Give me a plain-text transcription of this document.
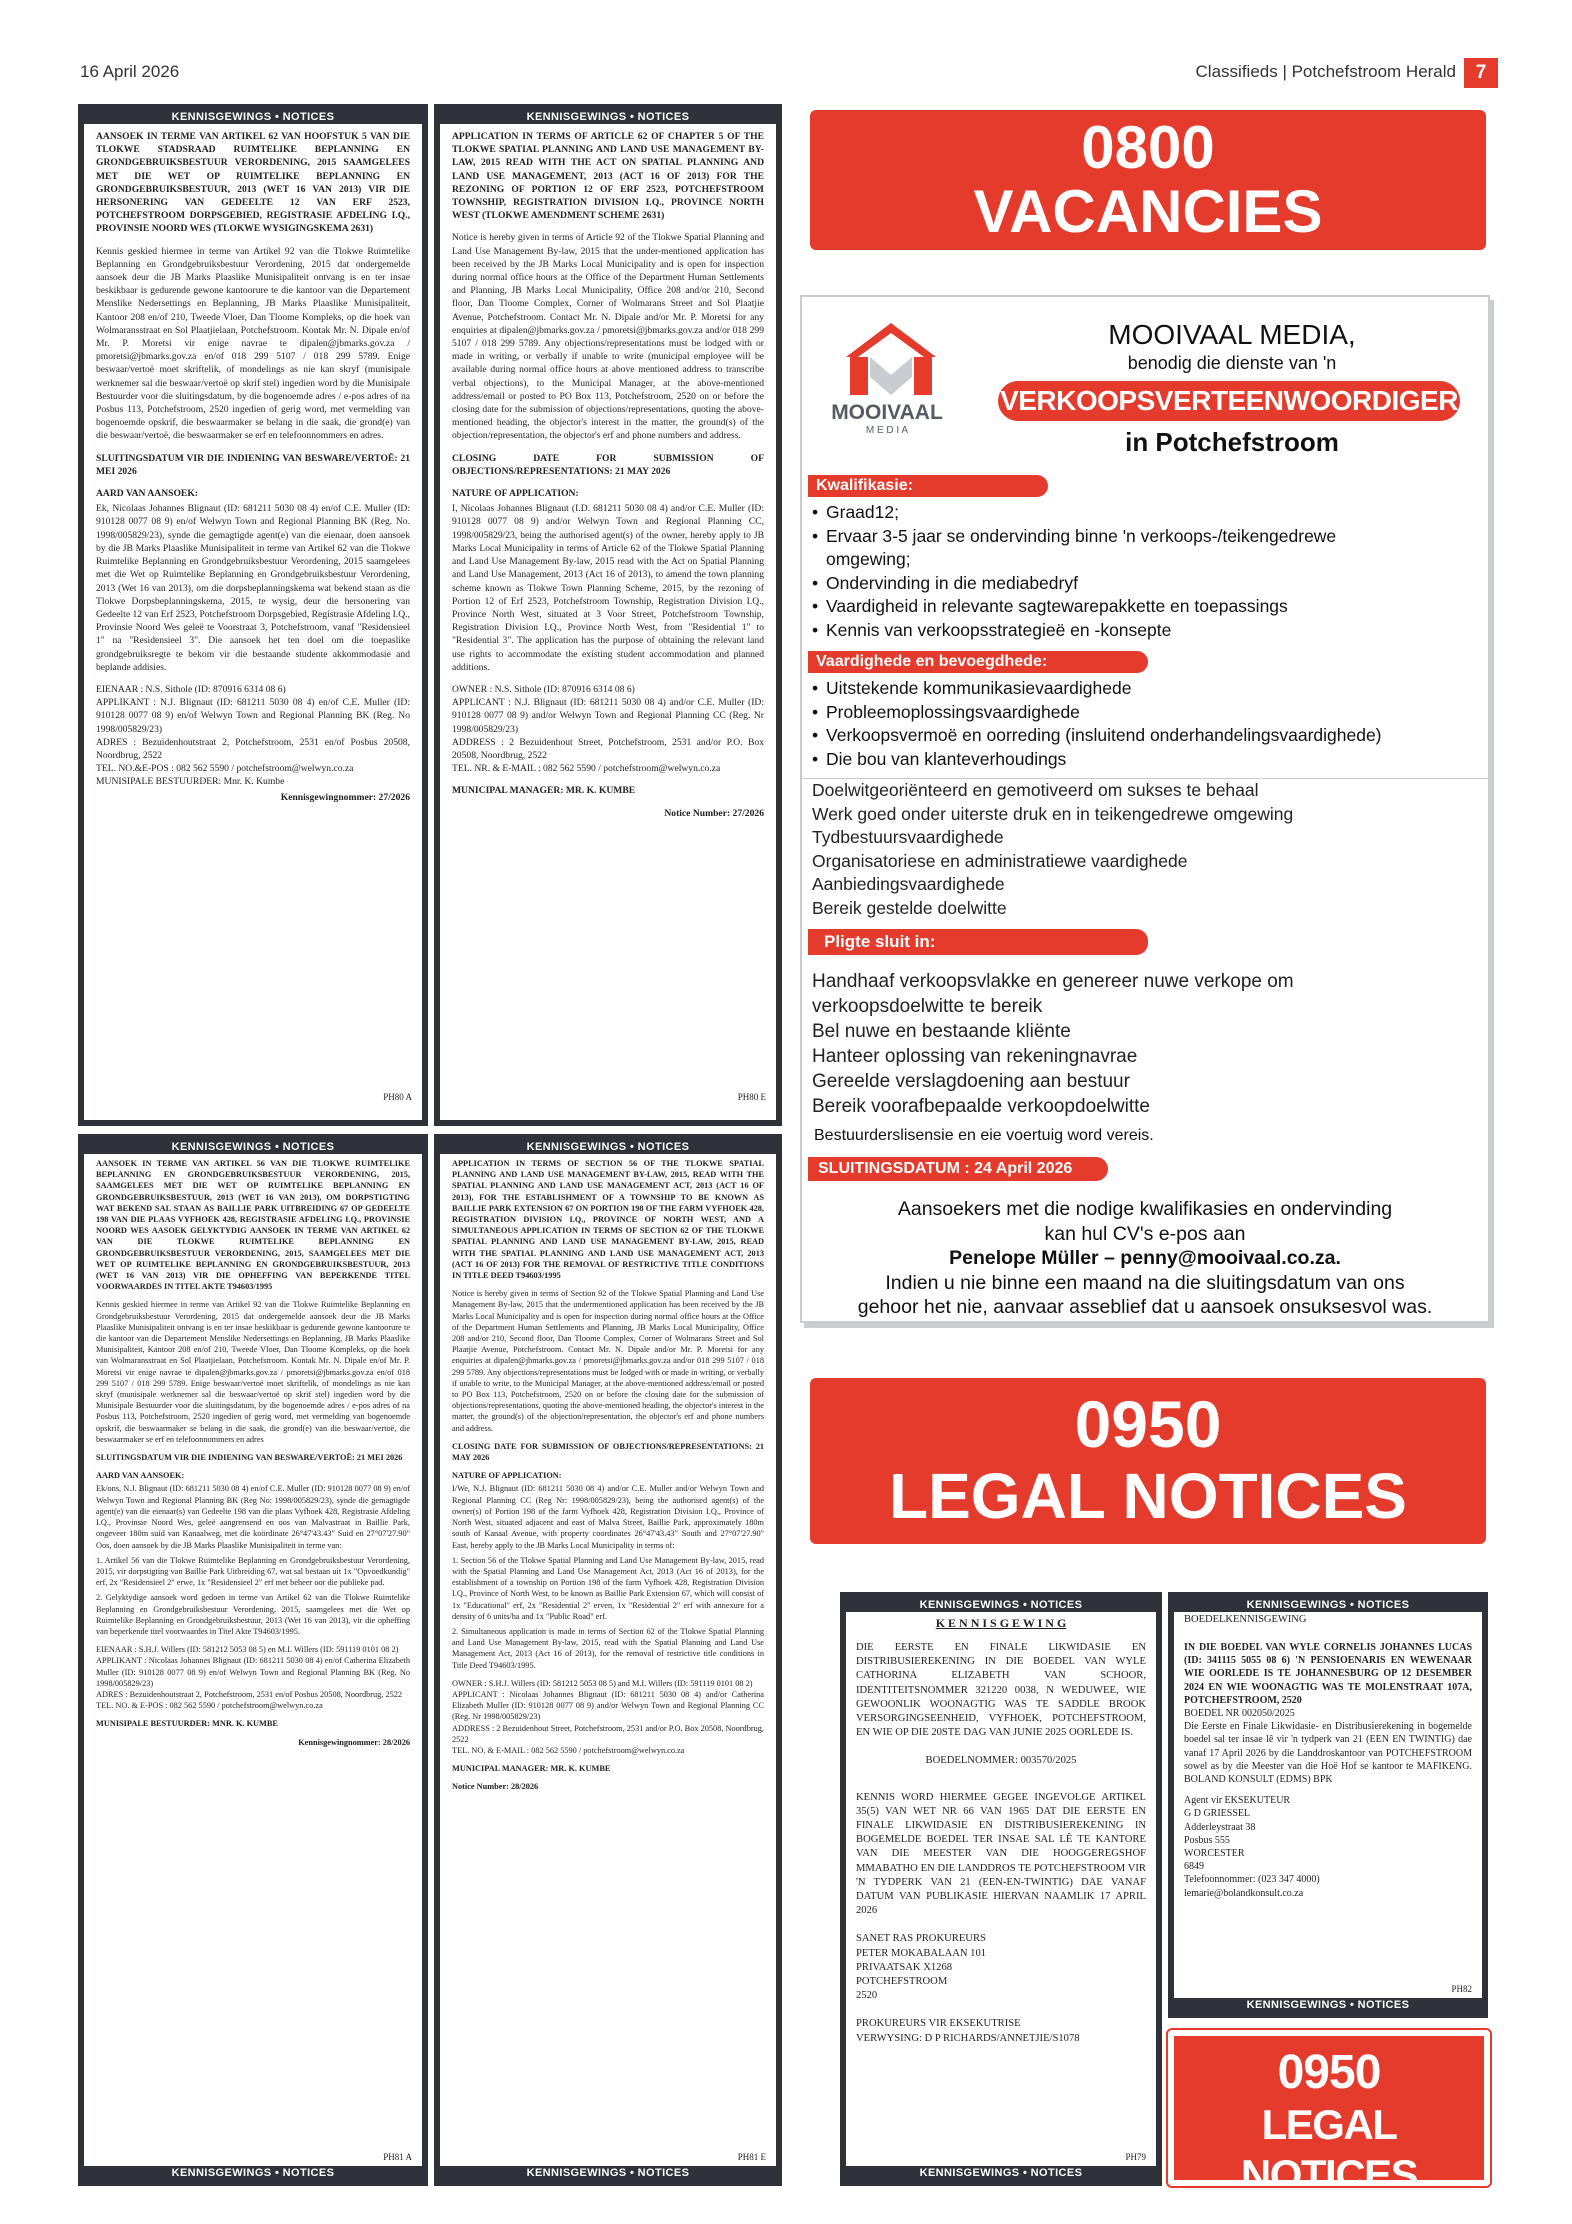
16 April 2026	Classifieds | Potchefstroom Herald	7
KENNISGEWINGS • NOTICES

AANSOEK IN TERME VAN ARTIKEL 62 VAN HOOFSTUK 5 VAN DIE TLOKWE STADSRAAD RUIMTELIKE BEPLANNING EN GRONDGEBRUIKSBESTUUR VERORDENING, 2015 SAAMGELEES MET DIE WET OP RUIMTELIKE BEPLANNING EN GRONDGEBRUIKSBESTUUR, 2013 (WET 16 VAN 2013) VIR DIE HERSONERING VAN GEDEELTE 12 VAN ERF 2523, POTCHEFSTROOM DORPSGEBIED, REGISTRASIE AFDELING I.Q., PROVINSIE NOORD WES (TLOKWE WYSIGINGSKEMA 2631)

Kennis geskied hiermee in terme van Artikel 92 van die Tlokwe Ruimtelike Beplanning en Grondgebruiksbestuur Verordening, 2015 dat ondergemelde aansoek deur die JB Marks Plaaslike Munisipaliteit ontvang is en ter insae beskikbaar is gedurende gewone kantoorure te die kantoor van die Departement Menslike Nedersettings en Beplanning, JB Marks Plaaslike Munisipaliteit, Kantoor 208 en/of 210, Tweede Vloer, Dan Tloome Kompleks, op die hoek van Wolmaransstraat en Sol Plaatjielaan, Potchefstroom. Kontak Mr. N. Dipale en/of Mr. P. Moretsi vir enige navrae te dipalen@jbmarks.gov.za / pmoretsi@jbmarks.gov.za en/of 018 299 5107 / 018 299 5789. Enige beswaar/vertoë moet skriftelik, of mondelings as nie kan skryf (munisipale werknemer sal die beswaar/vertoë op skrif stel) ingedien word by die Munisipale Bestuurder voor die sluitingsdatum, by die bogenoemde adres / e-pos adres of na Posbus 113, Potchefstroom, 2520 ingedien of gerig word, met vermelding van bogenoemde opskrif, die beswaarmaker se belang in die saak, die grond(e) van die beswaar/vertoë, die beswaarmaker se erf en telefoonnommers en adres.

SLUITINGSDATUM VIR DIE INDIENING VAN BESWARE/VERTOË: 21 MEI 2026

AARD VAN AANSOEK:

Ek, Nicolaas Johannes Blignaut (ID: 681211 5030 08 4) en/of C.E. Muller (ID: 910128 0077 08 9) en/of Welwyn Town and Regional Planning BK (Reg. No. 1998/005829/23), synde die gemagtigde agent(e) van die eienaar, doen aansoek by die JB Marks Plaaslike Munisipaliteit in terme van Artikel 62 van die Tlokwe Ruimtelike Beplanning en Grondgebruiksbestuur Verordening, 2015 saamgelees met die Wet op Ruimtelike Beplanning en Grondgebruiksbestuur Verordening, 2013 (Wet 16 van 2013), om die dorpsbeplanningskema wat bekend staan as die Tlokwe Dorpsbeplanningskema, 2015, te wysig, deur die hersonering van Gedeelte 12 van Erf 2523, Potchefstroom Dorpsgebied, Registrasie Afdeling I.Q., Provinsie Noord Wes geleë te Voorstraat 3, Potchefstroom, vanaf "Residensieel 1" na "Residensieel 3". Die aansoek het ten doel om die toepaslike grondgebruiksregte te bekom vir die bestaande studente akkommodasie and beplande addisies.

EIENAAR : N.S. Sithole (ID: 870916 6314 08 6)
APPLIKANT : N.J. Blignaut (ID: 681211 5030 08 4) en/of C.E. Muller (ID: 910128 0077 08 9) en/of Welwyn Town and Regional Planning BK (Reg. No 1998/005829/23)
ADRES : Bezuidenhoutstraat 2, Potchefstroom, 2531 en/of Posbus 20508, Noordbrug, 2522
TEL. NO.&E-POS : 082 562 5590 / potchefstroom@welwyn.co.za
MUNISIPALE BESTUURDER: Mnr. K. Kumbe

Kennisgewingnommer: 27/2026

PH80 A
KENNISGEWINGS • NOTICES

APPLICATION IN TERMS OF ARTICLE 62 OF CHAPTER 5 OF THE TLOKWE SPATIAL PLANNING AND LAND USE MANAGEMENT BY-LAW, 2015 READ WITH THE ACT ON SPATIAL PLANNING AND LAND USE MANAGEMENT, 2013 (ACT 16 OF 2013) FOR THE REZONING OF PORTION 12 OF ERF 2523, POTCHEFSTROOM TOWNSHIP, REGISTRATION DIVISION I.Q., PROVINCE NORTH WEST (TLOKWE AMENDMENT SCHEME 2631)

Notice is hereby given in terms of Article 92 of the Tlokwe Spatial Planning and Land Use Management By-law, 2015 that the under-mentioned application has been received by the JB Marks Local Municipality and is open for inspection during normal office hours at the Office of the Department Human Settlements and Planning, JB Marks Local Municipality, Office 208 and/or 210, Second floor, Dan Tloome Complex, Corner of Wolmarans Street and Sol Plaatjie Avenue, Potchefstroom. Contact Mr. N. Dipale and/or Mr. P. Moretsi for any enquiries at dipalen@jbmarks.gov.za / pmoretsi@jbmarks.gov.za and/or 018 299 5107 / 018 299 5789. Any objections/representations must be lodged with or made in writing, or verbally if unable to write (municipal employee will be available during normal office hours at above mentioned address to transcribe verbal objections), to the Municipal Manager, at the above-mentioned address/email or posted to PO Box 113, Potchefstroom, 2520 on or before the closing date for the submission of objections/representations, quoting the above-mentioned heading, the objector's interest in the matter, the ground(s) of the objection/representation, the objector's erf and phone numbers and address.

CLOSING DATE FOR SUBMISSION OF OBJECTIONS/REPRESENTATIONS: 21 MAY 2026

NATURE OF APPLICATION:

I, Nicolaas Johannes Blignaut (I.D. 681211 5030 08 4) and/or C.E. Muller (ID: 910128 0077 08 9) and/or Welwyn Town and Regional Planning CC, 1998/005829/23, being the authorised agent(s) of the owner, hereby apply to JB Marks Local Municipality in terms of Article 62 of the Tlokwe Spatial Planning and Land Use Management By-law, 2015 read with the Act on Spatial Planning and Land Use Management, 2013 (Act 16 of 2013), to amend the town planning scheme known as Tlokwe Town Planning Scheme, 2015, by the rezoning of Portion 12 of Erf 2523, Potchefstroom Township, Registration Division I.Q., Province North West, situated at 3 Voor Street, Potchefstroom Township, Registration Division I.Q., Province North West, from "Residential 1" to "Residential 3". The application has the purpose of obtaining the relevant land use rights to accommodate the existing student accommodation and planned additions.

OWNER : N.S. Sithole (ID: 870916 6314 08 6)
APPLICANT : N.J. Blignaut (ID: 681211 5030 08 4) and/or C.E. Muller (ID: 910128 0077 08 9) and/or Welwyn Town and Regional Planning CC (Reg. Nr 1998/005829/23)
ADDRESS : 2 Bezuidenhout Street, Potchefstroom, 2531 and/or P.O. Box 20508, Noordbrug, 2522
TEL. NR. & E-MAIL : 082 562 5590 / potchefstroom@welwyn.co.za

MUNICIPAL MANAGER: MR. K. KUMBE

Notice Number: 27/2026

PH80 E
KENNISGEWINGS • NOTICES

AANSOEK IN TERME VAN ARTIKEL 56 VAN DIE TLOKWE RUIMTELIKE BEPLANNING EN GRONDGEBRUIKSBESTUUR VERORDENING, 2015, SAAMGELEES MET DIE WET OP RUIMTELIKE BEPLANNING EN GRONDGEBRUIKSBESTUUR, 2013 (WET 16 VAN 2013), OM DORPSTIGTING WAT BEKEND SAL STAAN AS BAILLIE PARK UITBREIDING 67 OP GEDEELTE 198 VAN DIE PLAAS VYFHOEK 428, REGISTRASIE AFDELING I.Q., PROVINSIE NOORD WES AASOEK GELYKTYDIG AANSOEK IN TERME VAN ARTIKEL 62 VAN DIE TLOKWE RUIMTELIKE BEPLANNING EN GRONDGEBRUIKSBESTUUR VERORDENING, 2015, SAAMGELEES MET DIE WET OP RUIMTELIKE BEPLANNING EN GRONDGEBRUIKSBESTUUR, 2013 (WET 16 VAN 2013) VIR DIE OPHEFFING VAN BEPERKENDE TITEL VOORWAARDES IN TITEL AKTE T94603/1995

Kennis geskied hiermee in terme van Artikel 92 van die Tlokwe Ruimtelike Beplanning en Grondgebruiksbestuur Verordening, 2015 dat ondergemelde aansoek deur die JB Marks Plaaslike Munisipaliteit ontvang is en ter insae beskikbaar is gedurende gewone kantoorure te die kantoor van die Departement Menslike Nedersettings en Beplanning, JB Marks Plaaslike Munisipaliteit, Kantoor 208 en/of 210, Tweede Vloer, Dan Tloome Kompleks, op die hoek van Wolmaransstraat en Sol Plaatjielaan, Potchefstroom. Kontak Mr. N. Dipale en/of Mr. P. Moretsi vir enige navrae te dipalen@jbmarks.gov.za / pmoretsi@jbmarks.gov.za en/of 018 299 5107 / 018 299 5789. Enige beswaar/vertoë moet skriftelik, of mondelings as nie kan skryf (munisipale werknemer sal die beswaar/vertoë op skrif stel) ingedien word by die Munisipale Bestuurder voor die sluitingsdatum, by die bogenoemde adres / e-pos adres of na Posbus 113, Potchefstroom, 2520 ingedien of gerig word, met vermelding van bogenoemde opskrif, die beswaarmaker se belang in die saak, die grond(e) van die beswaar/vertoë, die beswaarmaker se erf en telefoonnommers en adres

SLUITINGSDATUM VIR DIE INDIENING VAN BESWARE/VERTOË: 21 MEI 2026

AARD VAN AANSOEK:

Ek/ons, N.J. Blignaut (ID: 681211 5030 08 4) en/of C.E. Muller (ID: 910128 0077 08 9) en/of Welwyn Town and Regional Planning BK (Reg No: 1998/005829/23), synde die gemagtigde agent(e) van die eienaar(s) van Gedeelte 198 van die plaas Vyfhoek 428, Registrasie Afdeling I.Q., Provinsie Noord Wes, geleë aangrensend en oos van Malvastraat in Baillie Park, ongeveer 180m suid van Kanaalweg, met die koördinate 26°47'43.43" Suid en 27°07'27.90" Oos, doen aansoek by die JB Marks Plaaslike Munisipaliteit in terme van:

1. Artikel 56 van die Tlokwe Ruimtelike Beplanning en Grondgebruiksbestuur Verordening, 2015, vir dorpstigting van Baillie Park Uitbreiding 67, wat sal bestaan uit 1x "Opvoedkundig" erf, 2x "Residensieel 2" erwe, 1x "Residensieel 2" erf met beheer oor die publieke pad.

2. Gelyktydige aansoek word gedoen in terme van Artikel 62 van die Tlokwe Ruimtelike Beplanning en Grondgebruiksbestuur Verordening, 2015, saamgelees met die Wet op Ruimtelike Beplanning en Grondgebruiksbestuur, 2013 (Wet 16 van 2013), vir die opheffing van beperkende titel voorwaardes in Titel Akte T94603/1995.

EIENAAR : S.H.J. Willers (ID: 581212 5053 08 5) en M.I. Willers (ID: 591119 0101 08 2)
APPLIKANT : Nicolaas Johannes Blignaut (ID: 681211 5030 08 4) en/of Catherina Elizabeth Muller (ID: 910128 0077 08 9) en/of Welwyn Town and Regional Planning BK (Reg. No 1998/005829/23)
ADRES : Bezuidenhoutstraat 2, Potchefstroom, 2531 en/of Posbus 20508, Noordbrug, 2522
TEL. NO. & E-POS : 082 562 5590 / potchefstroom@welwyn.co.za

MUNISIPALE BESTUURDER: MNR. K. KUMBE

Kennisgewingnommer: 28/2026

PH81 A
KENNISGEWINGS • NOTICES
KENNISGEWINGS • NOTICES

APPLICATION IN TERMS OF SECTION 56 OF THE TLOKWE SPATIAL PLANNING AND LAND USE MANAGEMENT BY-LAW, 2015, READ WITH THE SPATIAL PLANNING AND LAND USE MANAGEMENT ACT, 2013 (ACT 16 OF 2013), FOR THE ESTABLISHMENT OF A TOWNSHIP TO BE KNOWN AS BAILLIE PARK EXTENSION 67 ON PORTION 198 OF THE FARM VYFHOEK 428, REGISTRATION DIVISION I.Q., PROVINCE OF NORTH WEST, AND A SIMULTANEOUS APPLICATION IN TERMS OF SECTION 62 OF THE TLOKWE SPATIAL PLANNING AND LAND USE MANAGEMENT BY-LAW, 2015, READ WITH THE SPATIAL PLANNING AND LAND USE MANAGEMENT ACT, 2013 (ACT 16 OF 2013) FOR THE REMOVAL OF RESTRICTIVE TITLE CONDITIONS IN TITLE DEED T94603/1995

Notice is hereby given in terms of Section 92 of the Tlokwe Spatial Planning and Land Use Management By-law, 2015 that the undermentioned application has been received by the JB Marks Local Municipality and is open for inspection during normal office hours at the Office of the Department Human Settlements and Planning, JB Marks Local Municipality, Office 208 and/or 210, Second floor, Dan Tloome Complex, Corner of Wolmarans Street and Sol Plaatjie Avenue, Potchefstroom. Contact Mr. N. Dipale and/or Mr. P. Moretsi for any enquiries at dipalen@jbmarks.gov.za / pmoretsi@jbmarks.gov.za and/or 018 299 5107 / 018 299 5789. Any objections/representations must be lodged with or made in writing, or verbally if unable to write, to the Municipal Manager, at the above-mentioned address/email or posted to PO Box 113, Potchefstroom, 2520 on or before the closing date for the submission of objections/representations, quoting the above-mentioned heading, the objector's interest in the matter, the ground(s) of the objection/representation, the objector's erf and phone numbers and address.

CLOSING DATE FOR SUBMISSION OF OBJECTIONS/REPRESENTATIONS: 21 MAY 2026

NATURE OF APPLICATION:

I/We, N.J. Blignaut (ID: 681211 5030 08 4) and/or C.E. Muller and/or Welwyn Town and Regional Planning CC (Reg Nr: 1998/005829/23), being the authorised agent(s) of the owner(s) of Portion 198 of the farm Vyfhoek 428, Registration Division I.Q., Province of North West, situated adjacent and east of Malva Street, Baillie Park, approximately 180m south of Kanaal Avenue, with property coordinates 26°47'43.43" South and 27°07'27.90" East, hereby apply to the JB Marks Local Municipality in terms of:

1. Section 56 of the Tlokwe Spatial Planning and Land Use Management By-law, 2015, read with the Spatial Planning and Land Use Management Act, 2013 (Act 16 of 2013), for the establishment of a township on Portion 198 of the farm Vyfhoek 428, Registration Division I.Q., Province of North West, to be known as Baillie Park Extension 67, which will consist of 1x "Educational" erf, 2x "Residential 2" erven, 1x "Residential 2" erf with annexure for a density of 6 units/ha and 1x "Public Road" erf.

2. Simultaneous application is made in terms of Section 62 of the Tlokwe Spatial Planning and Land Use Management By-law, 2015, read with the Spatial Planning and Land Use Management Act, 2013 (Act 16 of 2013), for the removal of restrictive title conditions in Title Deed T94603/1995.

OWNER : S.H.J. Willers (ID: 581212 5053 08 5) and M.I. Willers (ID: 591119 0101 08 2)
APPLICANT : Nicolaas Johannes Blignaut (ID: 681211 5030 08 4) and/or Catherina Elizabeth Muller (ID: 910128 0077 08 9) and/or Welwyn Town and Regional Planning CC (Reg. Nr 1998/005829/23)
ADDRESS : 2 Bezuidenhout Street, Potchefstroom, 2531 and/or P.O. Box 20508, Noordbrug, 2522
TEL. NO. & E-MAIL : 082 562 5590 / potchefstroom@welwyn.co.za

MUNICIPAL MANAGER: MR. K. KUMBE

Notice Number: 28/2026

PH81 E
KENNISGEWINGS • NOTICES
0800
VACANCIES
MOOIVAAL
M E D I A
MOOIVAAL MEDIA,
benodig die dienste van 'n
VERKOOPSVERTEENWOORDIGER
in Potchefstroom
Kwalifikasie:
• Graad12;
• Ervaar 3-5 jaar se ondervinding binne 'n verkoops-/teikengedrewe
omgewing;
• Ondervinding in die mediabedryf
• Vaardigheid in relevante sagtewarepakkette en toepassings
• Kennis van verkoopsstrategieë en -konsepte
Vaardighede en bevoegdhede:
• Uitstekende kommunikasievaardighede
• Probleemoplossingsvaardighede
• Verkoopsvermoë en oorreding (insluitend onderhandelingsvaardighede)
• Die bou van klanteverhoudings
Doelwitgeoriënteerd en gemotiveerd om sukses te behaal
Werk goed onder uiterste druk en in teikengedrewe omgewing
Tydbestuursvaardighede
Organisatoriese en administratiewe vaardighede
Aanbiedingsvaardighede
Bereik gestelde doelwitte
Pligte sluit in:
Handhaaf verkoopsvlakke en genereer nuwe verkope om
verkoopsdoelwitte te bereik
Bel nuwe en bestaande kliënte
Hanteer oplossing van rekeningnavrae
Gereelde verslagdoening aan bestuur
Bereik voorafbepaalde verkoopdoelwitte
Bestuurderslisensie en eie voertuig word vereis.
SLUITINGSDATUM : 24 April 2026
Aansoekers met die nodige kwalifikasies en ondervinding
kan hul CV's e-pos aan
Penelope Müller – penny@mooivaal.co.za.
Indien u nie binne een maand na die sluitingsdatum van ons
gehoor het nie, aanvaar asseblief dat u aansoek onsuksesvol was.
0950
LEGAL NOTICES
KENNISGEWINGS • NOTICES
K E N N I S G E W I N G

DIE EERSTE EN FINALE LIKWIDASIE EN DISTRIBUSIEREKENING IN DIE BOEDEL VAN WYLE CATHORINA ELIZABETH VAN SCHOOR, IDENTITEITSNOMMER 321220 0038, N WEDUWEE, WIE GEWOONLIK WOONAGTIG WAS TE SADDLE BROOK VERSORGINGSEENHEID, VYFHOEK, POTCHEFSTROOM, EN WIE OP DIE 20STE DAG VAN JUNIE 2025 OORLEDE IS.

BOEDELNOMMER: 003570/2025

KENNIS WORD HIERMEE GEGEE INGEVOLGE ARTIKEL 35(5) VAN WET NR 66 VAN 1965 DAT DIE EERSTE EN FINALE LIKWIDASIE EN DISTRIBUSIEREKENING IN BOGEMELDE BOEDEL TER INSAE SAL LÊ TE KANTORE VAN DIE MEESTER VAN DIE HOOGGEREGSHOF MMABATHO EN DIE LANDDROS TE POTCHEFSTROOM VIR 'N TYDPERK VAN 21 (EEN-EN-TWINTIG) DAE VANAF DATUM VAN PUBLIKASIE HIERVAN NAAMLIK 17 APRIL 2026

SANET RAS PROKUREURS
PETER MOKABALAAN 101
PRIVAATSAK X1268
POTCHEFSTROOM
2520

PROKUREURS VIR EKSEKUTRISE
VERWYSING: D P RICHARDS/ANNETJIE/S1078

PH79
KENNISGEWINGS • NOTICES
KENNISGEWINGS • NOTICES
BOEDELKENNISGEWING

IN DIE BOEDEL VAN WYLE CORNELIS JOHANNES LUCAS (ID: 341115 5055 08 6) 'N PENSIOENARIS EN WEWENAAR WIE OORLEDE IS TE JOHANNESBURG OP 12 DESEMBER 2024 EN WIE WOONAGTIG WAS TE MOLENSTRAAT 107A, POTCHEFSTROOM, 2520

BOEDEL NR 002050/2025
Die Eerste en Finale Likwidasie- en Distribusierekening in bogemelde boedel sal ter insae lê vir 'n tydperk van 21 (EEN EN TWINTIG) dae vanaf 17 April 2026 by die Landdroskantoor van POTCHEFSTROOM sowel as by die Meester van die Hoë Hof se kantoor te MAFIKENG. BOLAND KONSULT (EDMS) BPK

Agent vir EKSEKUTEUR
G D GRIESSEL
Adderleystraat 38
Posbus 555
WORCESTER
6849
Telefoonnommer: (023 347 4000)
lemarie@bolandkonsult.co.za

PH82
KENNISGEWINGS • NOTICES
0950
LEGAL NOTICES
